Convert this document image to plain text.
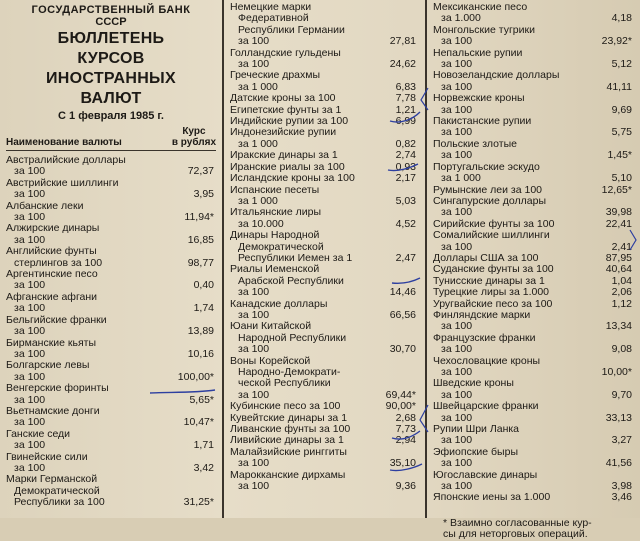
ГОСУДАРСТВЕННЫЙ БАНК
СССР
БЮЛЛЕТЕНЬ
КУРСОВ
ИНОСТРАННЫХ
ВАЛЮТ
С 1 февраля 1985 г.
Наименование валюты
Курс
в рублях
Австралийские доллары
за 100	72,37
Австрийские шиллинги
за 100	3,95
Албанские леки
за 100	11,94*
Алжирские динары
за 100	16,85
Английские фунты
стерлингов за 100	98,77
Аргентинские песо
за 100	0,40
Афганские афгани
за 100	1,74
Бельгийские франки
за 100	13,89
Бирманские кьяты
за 100	10,16
Болгарские левы
за 100	100,00*
Венгерские форинты
за 100	5,65*
Вьетнамские донги
за 100	10,47*
Ганские седи
за 100	1,71
Гвинейские сили
за 100	3,42
Марки Германской
Демократической
Республики за 100	31,25*
Немецкие марки
Федеративной
Республики Германии
за 100	27,81
Голландские гульдены
за 100	24,62
Греческие драхмы
за 1 000	6,83
Датские кроны за 100	7,78
Египетские фунты за 1	1,21
Индийские рупии за 100	6,99
Индонезийские рупии
за 1 000	0,82
Иракские динары за 1	2,74
Иранские риалы за 100	0,93
Исландские кроны за 100	2,17
Испанские песеты
за 1 000	5,03
Итальянские лиры
за 10.000	4,52
Динары Народной
Демократической
Республики Иемен за 1	2,47
Риалы Иеменской
Арабской Республики
за 100	14,46
Канадские доллары
за 100	66,56
Юани Китайской
Народной Республики
за 100	30,70
Воны Корейской
Народно-Демократи-
ческой Республики
за 100	69,44*
Кубинские песо за 100	90,00*
Кувейтские динары за 1	2,68
Ливанские фунты за 100	7,73
Ливийские динары за 1	2,94
Малайзийские ринггиты
за 100	35,10
Марокканские дирхамы
за 100	9,36
Мексиканские песо
за 1.000	4,18
Монгольские тугрики
за 100	23,92*
Непальские рупии
за 100	5,12
Новозеландские доллары
за 100	41,11
Норвежские кроны
за 100	9,69
Пакистанские рупии
за 100	5,75
Польские злотые
за 100	1,45*
Португальские эскудо
за 1 000	5,10
Румынские леи за 100	12,65*
Сингапурские доллары
за 100	39,98
Сирийские фунты за 100	22,41
Сомалийские шиллинги
за 100	2,41
Доллары США за 100	87,95
Суданские фунты за 100	40,64
Тунисские динары за 1	1,04
Турецкие лиры за 1.000	2,06
Уругвайские песо за 100	1,12
Финляндские марки
за 100	13,34
Французские франки
за 100	9,08
Чехословацкие кроны
за 100	10,00*
Шведские кроны
за 100	9,70
Швейцарские франки
за 100	33,13
Рупии Шри Ланка
за 100	3,27
Эфиопские быры
за 100	41,56
Югославские динары
за 100	3,98
Японские иены за 1.000	3,46
* Взаимно согласованные кур-
сы для неторговых операций.
